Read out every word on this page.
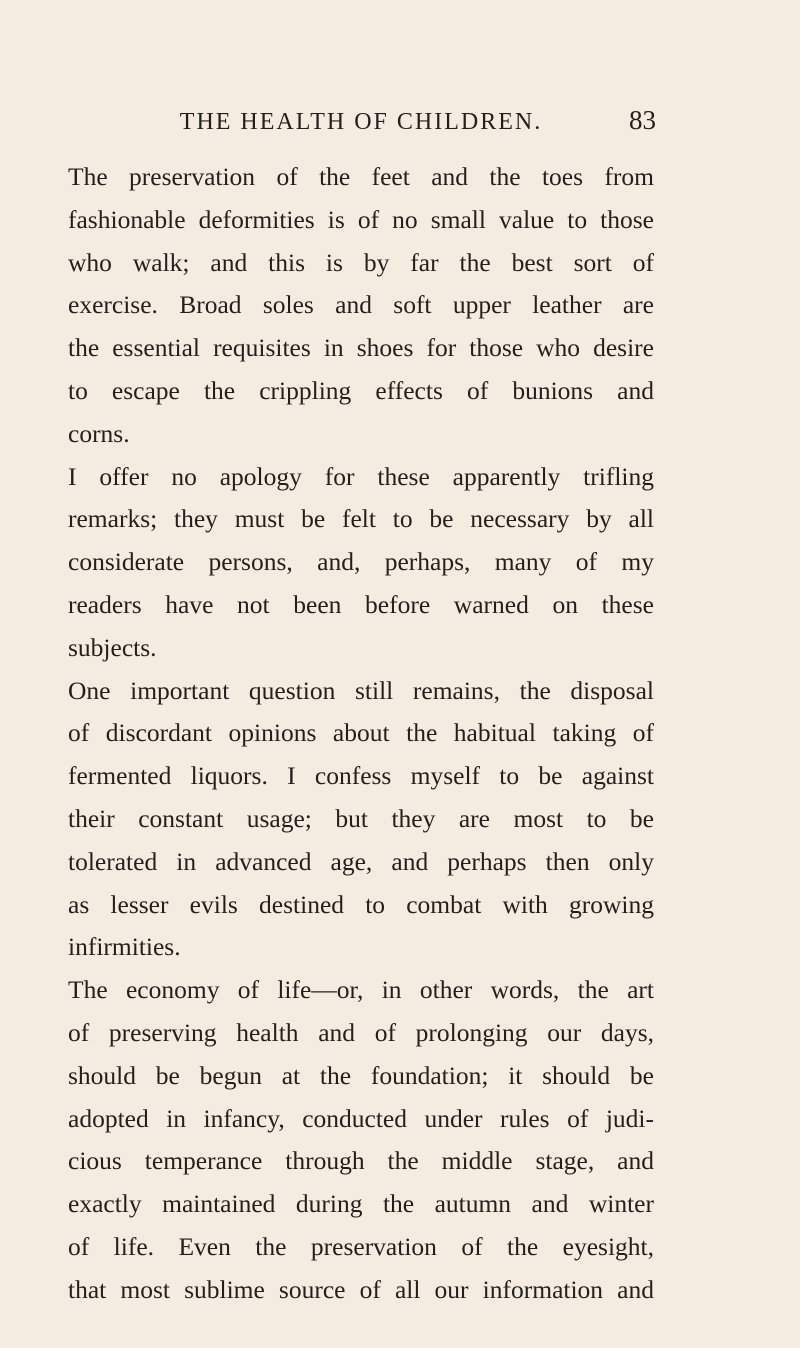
THE HEALTH OF CHILDREN.	83
The preservation of the feet and the toes from
fashionable deformities is of no small value to those
who walk; and this is by far the best sort of
exercise. Broad soles and soft upper leather are
the essential requisites in shoes for those who desire
to escape the crippling effects of bunions and
corns.
I offer no apology for these apparently trifling
remarks; they must be felt to be necessary by all
considerate persons, and, perhaps, many of my
readers have not been before warned on these
subjects.
One important question still remains, the disposal
of discordant opinions about the habitual taking of
fermented liquors. I confess myself to be against
their constant usage; but they are most to be
tolerated in advanced age, and perhaps then only
as lesser evils destined to combat with growing
infirmities.
The economy of life—or, in other words, the art
of preserving health and of prolonging our days,
should be begun at the foundation; it should be
adopted in infancy, conducted under rules of judi-
cious temperance through the middle stage, and
exactly maintained during the autumn and winter
of life. Even the preservation of the eyesight,
that most sublime source of all our information and
